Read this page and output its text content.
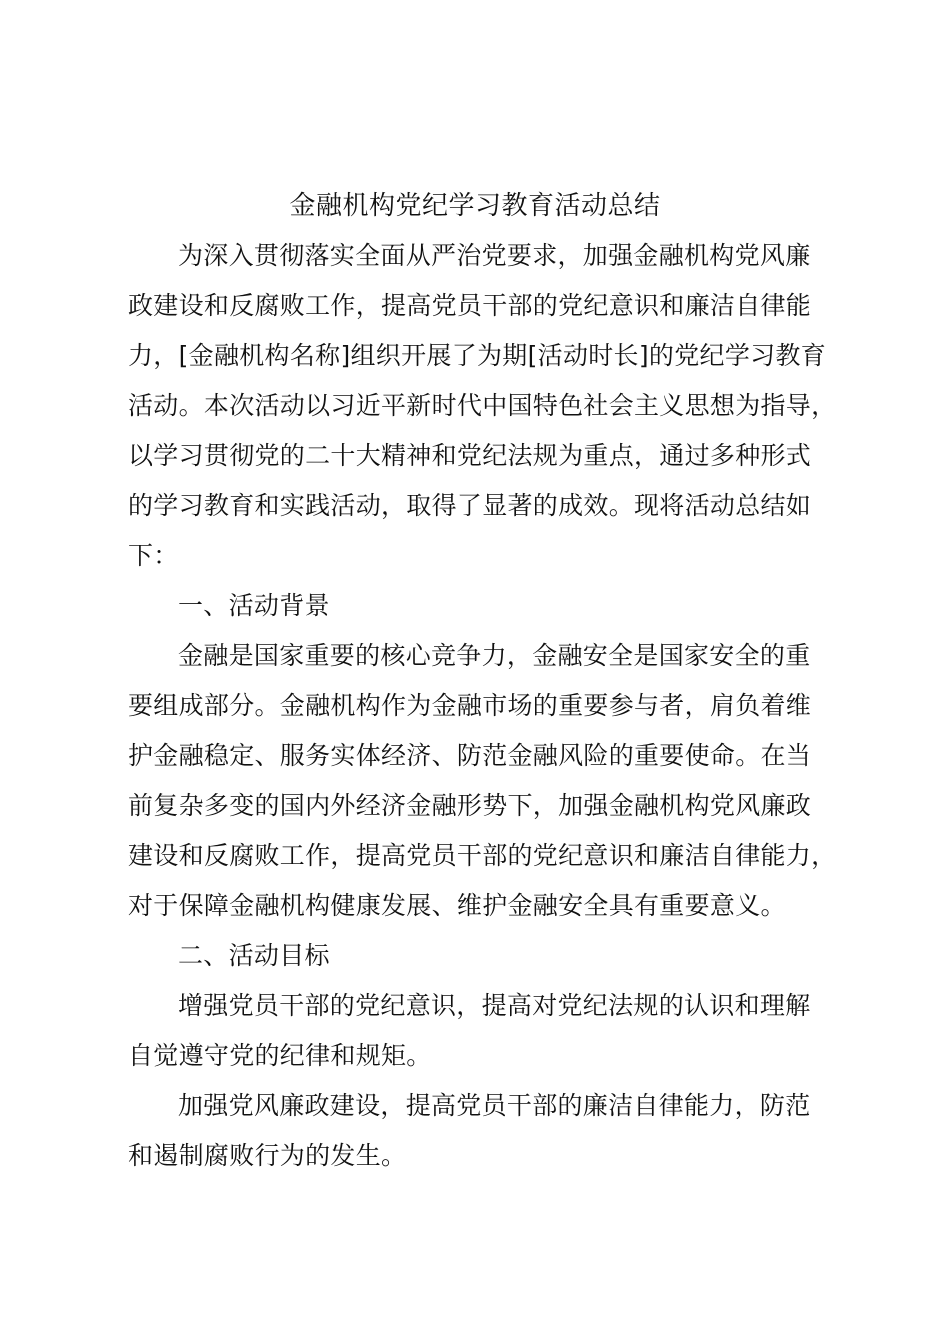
金融机构党纪学习教育活动总结
为深入贯彻落实全面从严治党要求，加强金融机构党风廉
政建设和反腐败工作，提高党员干部的党纪意识和廉洁自律能
力，[金融机构名称]组织开展了为期[活动时长]的党纪学习教育
活动。本次活动以习近平新时代中国特色社会主义思想为指导，
以学习贯彻党的二十大精神和党纪法规为重点，通过多种形式
的学习教育和实践活动，取得了显著的成效。现将活动总结如
下：
一、活动背景
金融是国家重要的核心竞争力，金融安全是国家安全的重
要组成部分。金融机构作为金融市场的重要参与者，肩负着维
护金融稳定、服务实体经济、防范金融风险的重要使命。在当
前复杂多变的国内外经济金融形势下，加强金融机构党风廉政
建设和反腐败工作，提高党员干部的党纪意识和廉洁自律能力，
对于保障金融机构健康发展、维护金融安全具有重要意义。
二、活动目标
增强党员干部的党纪意识，提高对党纪法规的认识和理解
自觉遵守党的纪律和规矩。
加强党风廉政建设，提高党员干部的廉洁自律能力，防范
和遏制腐败行为的发生。
